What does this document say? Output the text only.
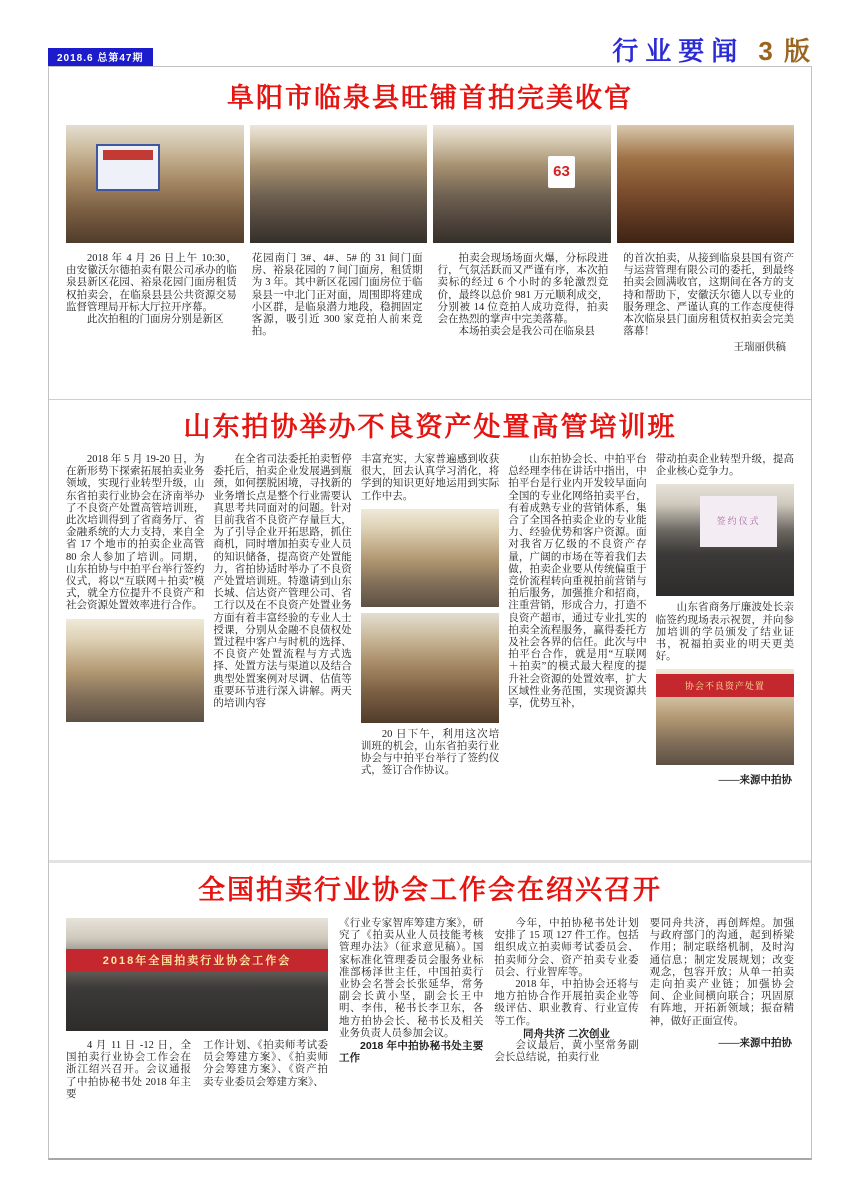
2018.6 总第47期	行业要闻 3 版
阜阳市临泉县旺铺首拍完美收官
63

2018 年 4 月 26 日上午 10:30，由安徽沃尔德拍卖有限公司承办的临泉县新区花园、裕泉花园门面房租赁权拍卖会，在临泉县县公共资源交易监督管理局开标大厅拉开序幕。

此次拍租的门面房分别是新区

花园南门 3#、4#、5# 的 31 间门面房、裕泉花园的 7 间门面房，租赁期为 3 年。其中新区花园门面房位于临泉县一中北门正对面，周围即将建成小区群，是临泉潜力地段，稳拥固定客源，吸引近 300 家竞拍人前来竞拍。

拍卖会现场场面火爆，分标段进行，气氛活跃而又严谨有序，本次拍卖标的经过 6 个小时的多轮激烈竞价，最终以总价 981 万元顺利成交，分别被 14 位竞拍人成功竞得，拍卖会在热烈的掌声中完美落幕。

本场拍卖会是我公司在临泉县

的首次拍卖，从接到临泉县国有资产与运营管理有限公司的委托，到最终拍卖会圆满收官，这期间在各方的支持和帮助下，安徽沃尔德人以专业的服务理念、严谨认真的工作态度使得本次临泉县门面房租赁权拍卖会完美落幕！

王瑞丽供稿

山东拍协举办不良资产处置高管培训班

2018 年 5 月 19-20 日，为在新形势下探索拓展拍卖业务领域，实现行业转型升级，山东省拍卖行业协会在济南举办了不良资产处置高管培训班，此次培训得到了省商务厅、省金融系统的大力支持，来自全省 17 个地市的拍卖企业高管 80 余人参加了培训。同期，山东拍协与中拍平台举行签约仪式，将以“互联网＋拍卖”模式，就全方位提升不良资产和社会资源处置效率进行合作。

在全省司法委托拍卖暂停委托后，拍卖企业发展遇到瓶颈，如何摆脱困境，寻找新的业务增长点是整个行业需要认真思考共同面对的问题。针对目前我省不良资产存量巨大，为了引导企业开拓思路，抓住商机，同时增加拍卖专业人员的知识储备，提高资产处置能力，省拍协适时举办了不良资产处置培训班。特邀请到山东长城、信达资产管理公司、省工行以及在不良资产处置业务方面有着丰富经验的专业人士授课，分别从金融不良债权处置过程中客户与时机的选择、不良资产处置流程与方式选择、处置方法与渠道以及结合典型处置案例对尽调、估值等重要环节进行深入讲解。两天的培训内容

丰富充实，大家普遍感到收获很大，回去认真学习消化，将学到的知识更好地运用到实际工作中去。

20 日下午，利用这次培训班的机会，山东省拍卖行业协会与中拍平台举行了签约仪式，签订合作协议。

山东拍协会长、中拍平台总经理李伟在讲话中指出，中拍平台是行业内开发较早面向全国的专业化网络拍卖平台，有着成熟专业的营销体系，集合了全国各拍卖企业的专业能力、经验优势和客户资源。面对我省万亿级的不良资产存量，广阔的市场在等着我们去做，拍卖企业要从传统偏重于竞价流程转向重视拍前营销与拍后服务，加强推介和招商，注重营销，形成合力，打造不良资产超市，通过专业扎实的拍卖全流程服务，赢得委托方及社会各界的信任。此次与中拍平台合作，就是用“互联网＋拍卖”的模式最大程度的提升社会资源的处置效率，扩大区域性业务范围，实现资源共享，优势互补，

带动拍卖企业转型升级，提高企业核心竞争力。

签约仪式

山东省商务厅廉波处长亲临签约现场表示祝贺，并向参加培训的学员颁发了结业证书，祝福拍卖业的明天更美好。

协会不良资产处置

——来源中拍协

全国拍卖行业协会工作会在绍兴召开
2018年全国拍卖行业协会工作会

4 月 11 日 -12 日，全国拍卖行业协会工作会在浙江绍兴召开。会议通报了中拍协秘书处 2018 年主要

工作计划、《拍卖师考试委员会筹建方案》、《拍卖师分会筹建方案》、《资产拍卖专业委员会筹建方案》、

《行业专家智库筹建方案》，研究了《拍卖从业人员技能考核管理办法》（征求意见稿）。国家标准化管理委员会服务业标准部杨泽世主任，中国拍卖行业协会名誉会长张延华，常务副会长黄小坚，副会长王中明、李伟，秘书长李卫东，各地方拍协会长、秘书长及相关业务负责人员参加会议。

2018 年中拍协秘书处主要工作

今年，中拍协秘书处计划安排了 15 项 127 件工作。包括组织成立拍卖师考试委员会、拍卖师分会、资产拍卖专业委员会、行业智库等。

2018 年，中拍协会还将与地方拍协合作开展拍卖企业等级评估、职业教育、行业宣传等工作。

同舟共济 二次创业

会议最后，黄小坚常务副会长总结说，拍卖行业

要同舟共济，再创辉煌。加强与政府部门的沟通，起到桥梁作用；制定联络机制，及时沟通信息；制定发展规划；改变观念，包容开放；从单一拍卖走向拍卖产业链；加强协会间、企业间横向联合；巩固原有阵地，开拓新领域；振奋精神，做好正面宣传。

——来源中拍协
